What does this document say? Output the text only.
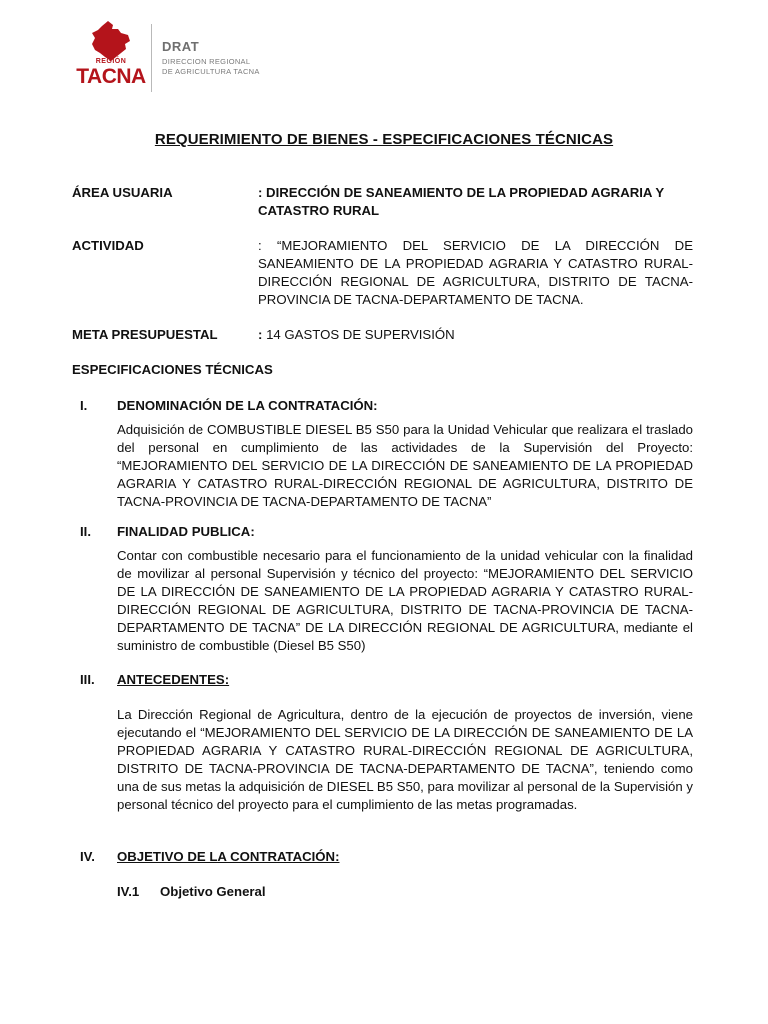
REGIÓN
TACNA
DRAT
DIRECCION REGIONAL
DE AGRICULTURA TACNA
REQUERIMIENTO DE BIENES - ESPECIFICACIONES TÉCNICAS
ÁREA USUARIA	: DIRECCIÓN DE SANEAMIENTO DE LA PROPIEDAD AGRARIA Y CATASTRO RURAL
ACTIVIDAD	: “MEJORAMIENTO DEL SERVICIO DE LA DIRECCIÓN DE SANEAMIENTO DE LA PROPIEDAD AGRARIA Y CATASTRO RURAL-DIRECCIÓN REGIONAL DE AGRICULTURA, DISTRITO DE TACNA-PROVINCIA DE TACNA-DEPARTAMENTO DE TACNA.
META PRESUPUESTAL	: 14 GASTOS DE SUPERVISIÓN
ESPECIFICACIONES TÉCNICAS
I. DENOMINACIÓN DE LA CONTRATACIÓN:
Adquisición de COMBUSTIBLE DIESEL B5 S50 para la Unidad Vehicular que realizara el traslado del personal en cumplimiento de las actividades de la Supervisión del Proyecto: “MEJORAMIENTO DEL SERVICIO DE LA DIRECCIÓN DE SANEAMIENTO DE LA PROPIEDAD AGRARIA Y CATASTRO RURAL-DIRECCIÓN REGIONAL DE AGRICULTURA, DISTRITO DE TACNA-PROVINCIA DE TACNA-DEPARTAMENTO DE TACNA”
II. FINALIDAD PUBLICA:
Contar con combustible necesario para el funcionamiento de la unidad vehicular con la finalidad de movilizar al personal Supervisión y técnico del proyecto: “MEJORAMIENTO DEL SERVICIO DE LA DIRECCIÓN DE SANEAMIENTO DE LA PROPIEDAD AGRARIA Y CATASTRO RURAL-DIRECCIÓN REGIONAL DE AGRICULTURA, DISTRITO DE TACNA-PROVINCIA DE TACNA-DEPARTAMENTO DE TACNA” DE LA DIRECCIÓN REGIONAL DE AGRICULTURA, mediante el suministro de combustible (Diesel B5 S50)
III. ANTECEDENTES:
La Dirección Regional de Agricultura, dentro de la ejecución de proyectos de inversión, viene ejecutando el “MEJORAMIENTO DEL SERVICIO DE LA DIRECCIÓN DE SANEAMIENTO DE LA PROPIEDAD AGRARIA Y CATASTRO RURAL-DIRECCIÓN REGIONAL DE AGRICULTURA, DISTRITO DE TACNA-PROVINCIA DE TACNA-DEPARTAMENTO DE TACNA”, teniendo como una de sus metas la adquisición de DIESEL B5 S50, para movilizar al personal de la Supervisión y personal técnico del proyecto para el cumplimiento de las metas programadas.
IV. OBJETIVO DE LA CONTRATACIÓN:
IV.1 Objetivo General
